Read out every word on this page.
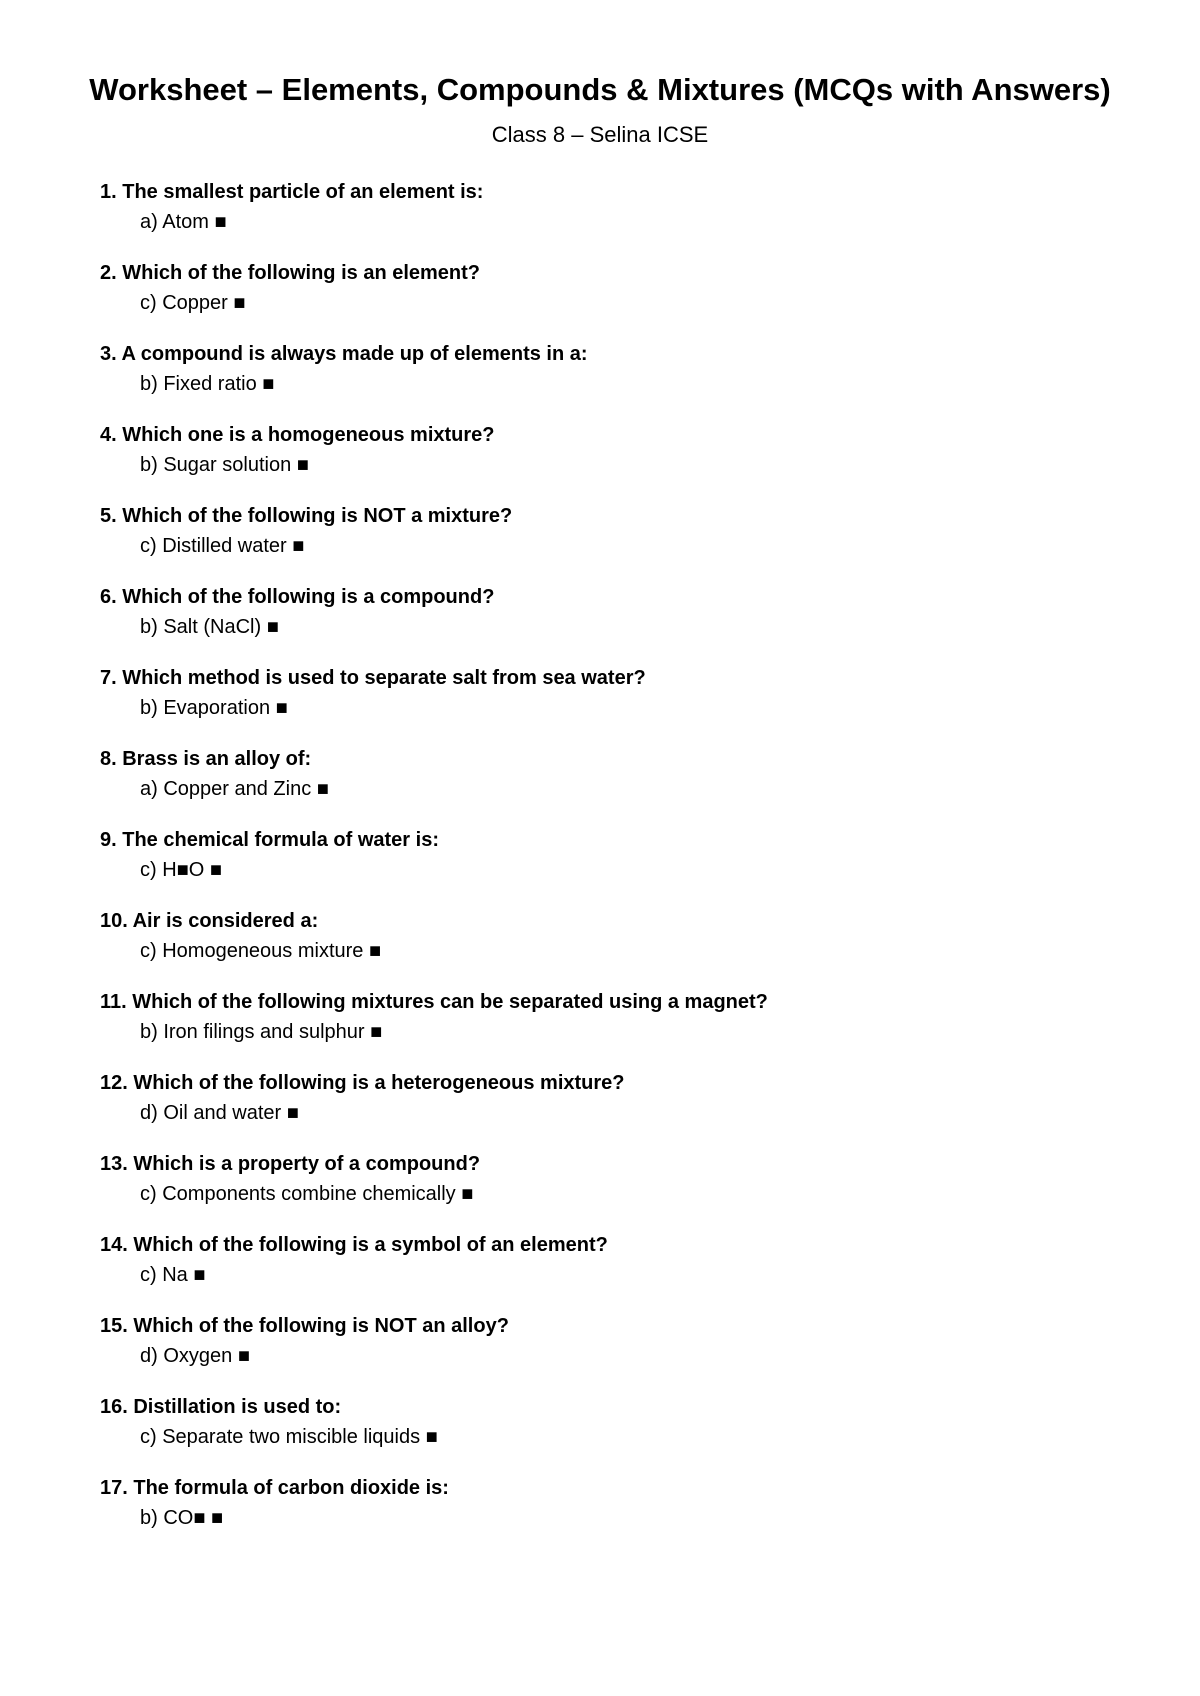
Worksheet – Elements, Compounds & Mixtures (MCQs with Answers)
Class 8 – Selina ICSE
1. The smallest particle of an element is:
a) Atom ■
2. Which of the following is an element?
c) Copper ■
3. A compound is always made up of elements in a:
b) Fixed ratio ■
4. Which one is a homogeneous mixture?
b) Sugar solution ■
5. Which of the following is NOT a mixture?
c) Distilled water ■
6. Which of the following is a compound?
b) Salt (NaCl) ■
7. Which method is used to separate salt from sea water?
b) Evaporation ■
8. Brass is an alloy of:
a) Copper and Zinc ■
9. The chemical formula of water is:
c) H■O ■
10. Air is considered a:
c) Homogeneous mixture ■
11. Which of the following mixtures can be separated using a magnet?
b) Iron filings and sulphur ■
12. Which of the following is a heterogeneous mixture?
d) Oil and water ■
13. Which is a property of a compound?
c) Components combine chemically ■
14. Which of the following is a symbol of an element?
c) Na ■
15. Which of the following is NOT an alloy?
d) Oxygen ■
16. Distillation is used to:
c) Separate two miscible liquids ■
17. The formula of carbon dioxide is:
b) CO■ ■
